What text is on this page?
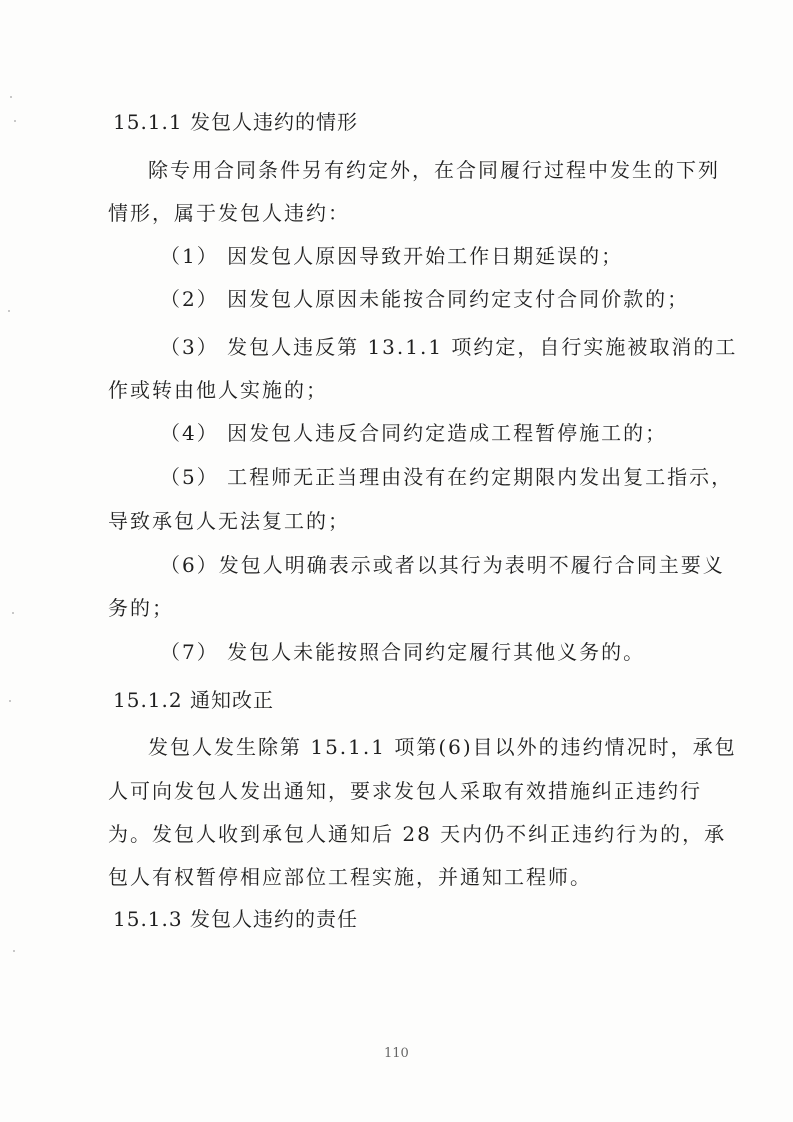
15.1.1 发包人违约的情形
除专用合同条件另有约定外，在合同履行过程中发生的下列
情形，属于发包人违约：
（1） 因发包人原因导致开始工作日期延误的；
（2） 因发包人原因未能按合同约定支付合同价款的；
（3） 发包人违反第 13.1.1 项约定，自行实施被取消的工
作或转由他人实施的；
（4） 因发包人违反合同约定造成工程暂停施工的；
（5） 工程师无正当理由没有在约定期限内发出复工指示，
导致承包人无法复工的；
（6）发包人明确表示或者以其行为表明不履行合同主要义
务的；
（7） 发包人未能按照合同约定履行其他义务的。
15.1.2 通知改正
发包人发生除第 15.1.1 项第(6)目以外的违约情况时，承包
人可向发包人发出通知，要求发包人采取有效措施纠正违约行
为。发包人收到承包人通知后 28 天内仍不纠正违约行为的，承
包人有权暂停相应部位工程实施，并通知工程师。
15.1.3 发包人违约的责任
110
